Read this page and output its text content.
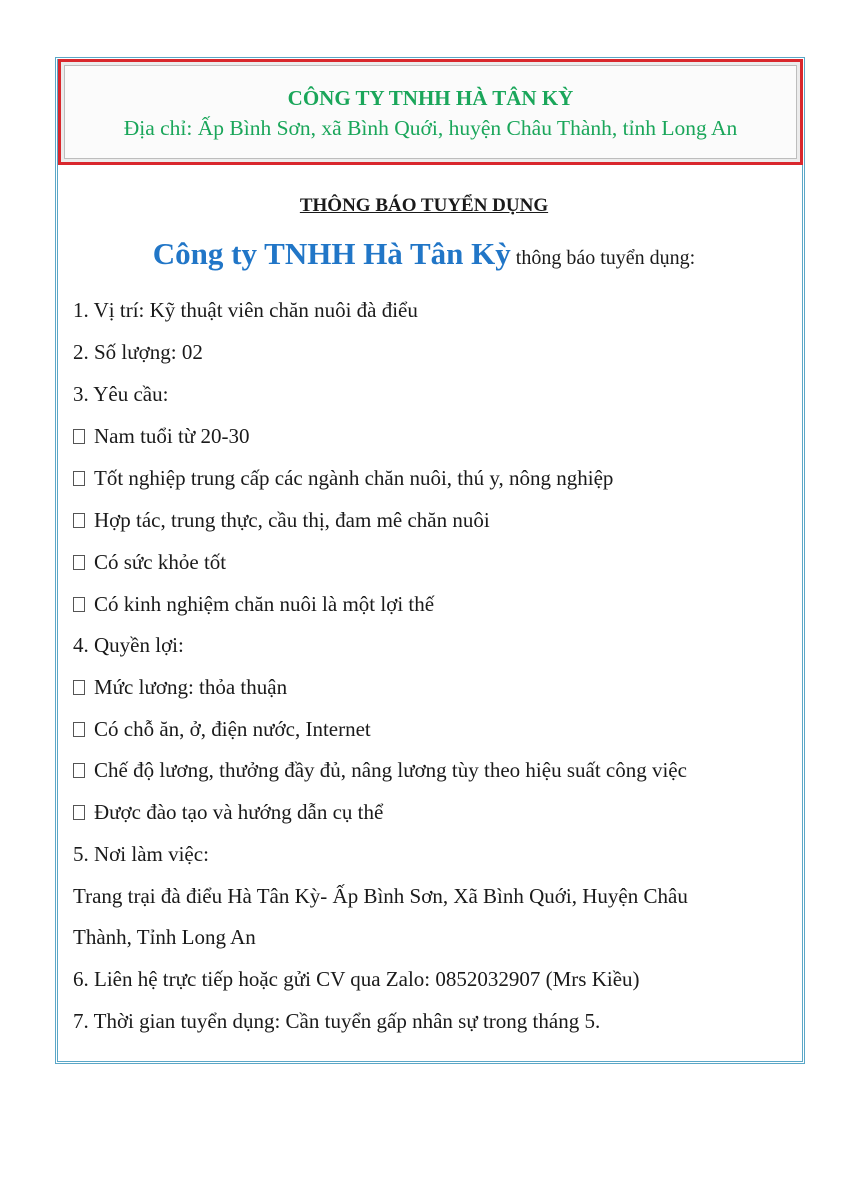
CÔNG TY TNHH HÀ TÂN KỲ
Địa chỉ: Ấp Bình Sơn, xã Bình Quới, huyện Châu Thành, tỉnh Long An
THÔNG BÁO TUYỂN DỤNG
Công ty TNHH Hà Tân Kỳ thông báo tuyển dụng:
1. Vị trí: Kỹ thuật viên chăn nuôi đà điểu
2. Số lượng: 02
3. Yêu cầu:
Nam tuổi từ 20-30
Tốt nghiệp trung cấp các ngành chăn nuôi, thú y, nông nghiệp
Hợp tác, trung thực, cầu thị, đam mê chăn nuôi
Có sức khỏe tốt
Có kinh nghiệm chăn nuôi là một lợi thế
4. Quyền lợi:
Mức lương: thỏa thuận
Có chỗ ăn, ở, điện nước, Internet
Chế độ lương, thưởng đầy đủ, nâng lương tùy theo hiệu suất công việc
Được đào tạo và hướng dẫn cụ thể
5. Nơi làm việc:
Trang trại đà điểu Hà Tân Kỳ- Ấp Bình Sơn, Xã Bình Quới, Huyện Châu
Thành, Tỉnh Long An
6. Liên hệ trực tiếp hoặc gửi CV qua Zalo: 0852032907 (Mrs Kiều)
7. Thời gian tuyển dụng: Cần tuyển gấp nhân sự trong tháng 5.
